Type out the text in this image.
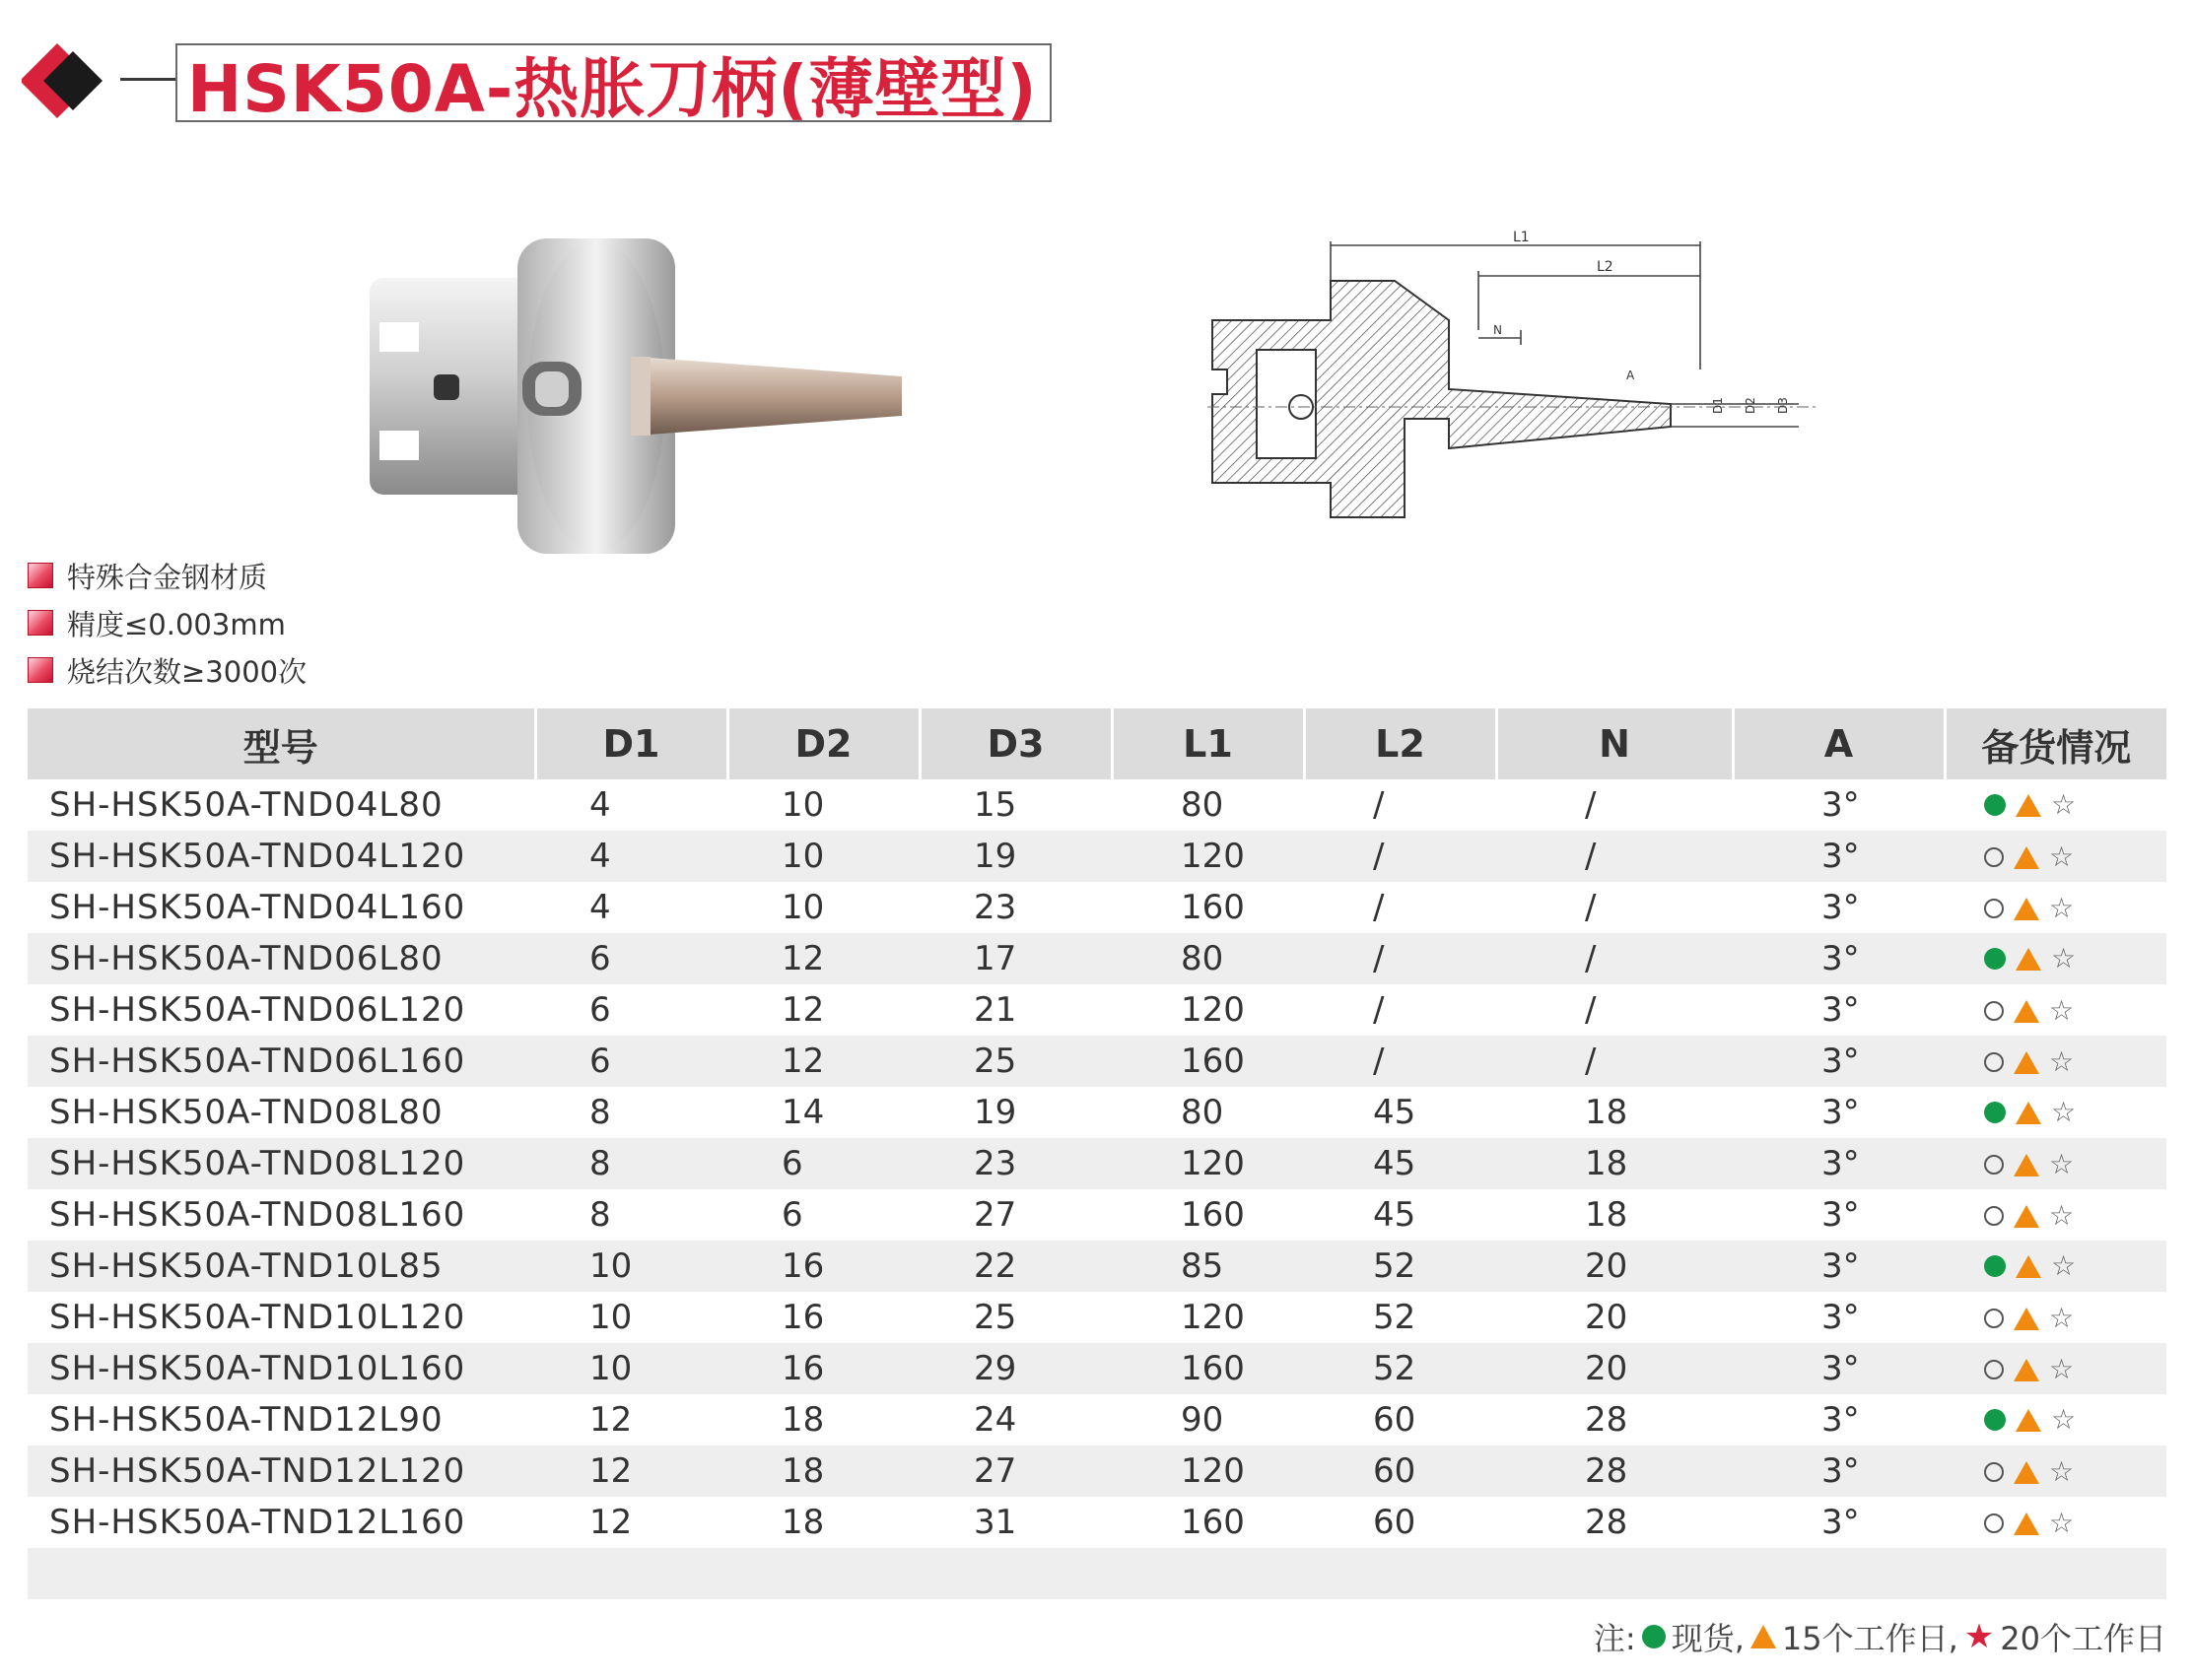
HSK50A-热胀刀柄(薄壁型)
L1
L2
N
A
D1 D2 D3
特殊合金钢材质
精度≤0.003mm
烧结次数≥3000次
型号	D1	D2	D3	L1	L2	N	A	备货情况
SH-HSK50A-TND04L80	4	10	15	80	/	/	3°	☆

SH-HSK50A-TND04L120	4	10	19	120	/	/	3°	☆

SH-HSK50A-TND04L160	4	10	23	160	/	/	3°	☆

SH-HSK50A-TND06L80	6	12	17	80	/	/	3°	☆

SH-HSK50A-TND06L120	6	12	21	120	/	/	3°	☆

SH-HSK50A-TND06L160	6	12	25	160	/	/	3°	☆

SH-HSK50A-TND08L80	8	14	19	80	45	18	3°	☆

SH-HSK50A-TND08L120	8	6	23	120	45	18	3°	☆

SH-HSK50A-TND08L160	8	6	27	160	45	18	3°	☆

SH-HSK50A-TND10L85	10	16	22	85	52	20	3°	☆

SH-HSK50A-TND10L120	10	16	25	120	52	20	3°	☆

SH-HSK50A-TND10L160	10	16	29	160	52	20	3°	☆

SH-HSK50A-TND12L90	12	18	24	90	60	28	3°	☆

SH-HSK50A-TND12L120	12	18	27	120	60	28	3°	☆

SH-HSK50A-TND12L160	12	18	31	160	60	28	3°	☆

注: 现货, 15个工作日, ★ 20个工作日
